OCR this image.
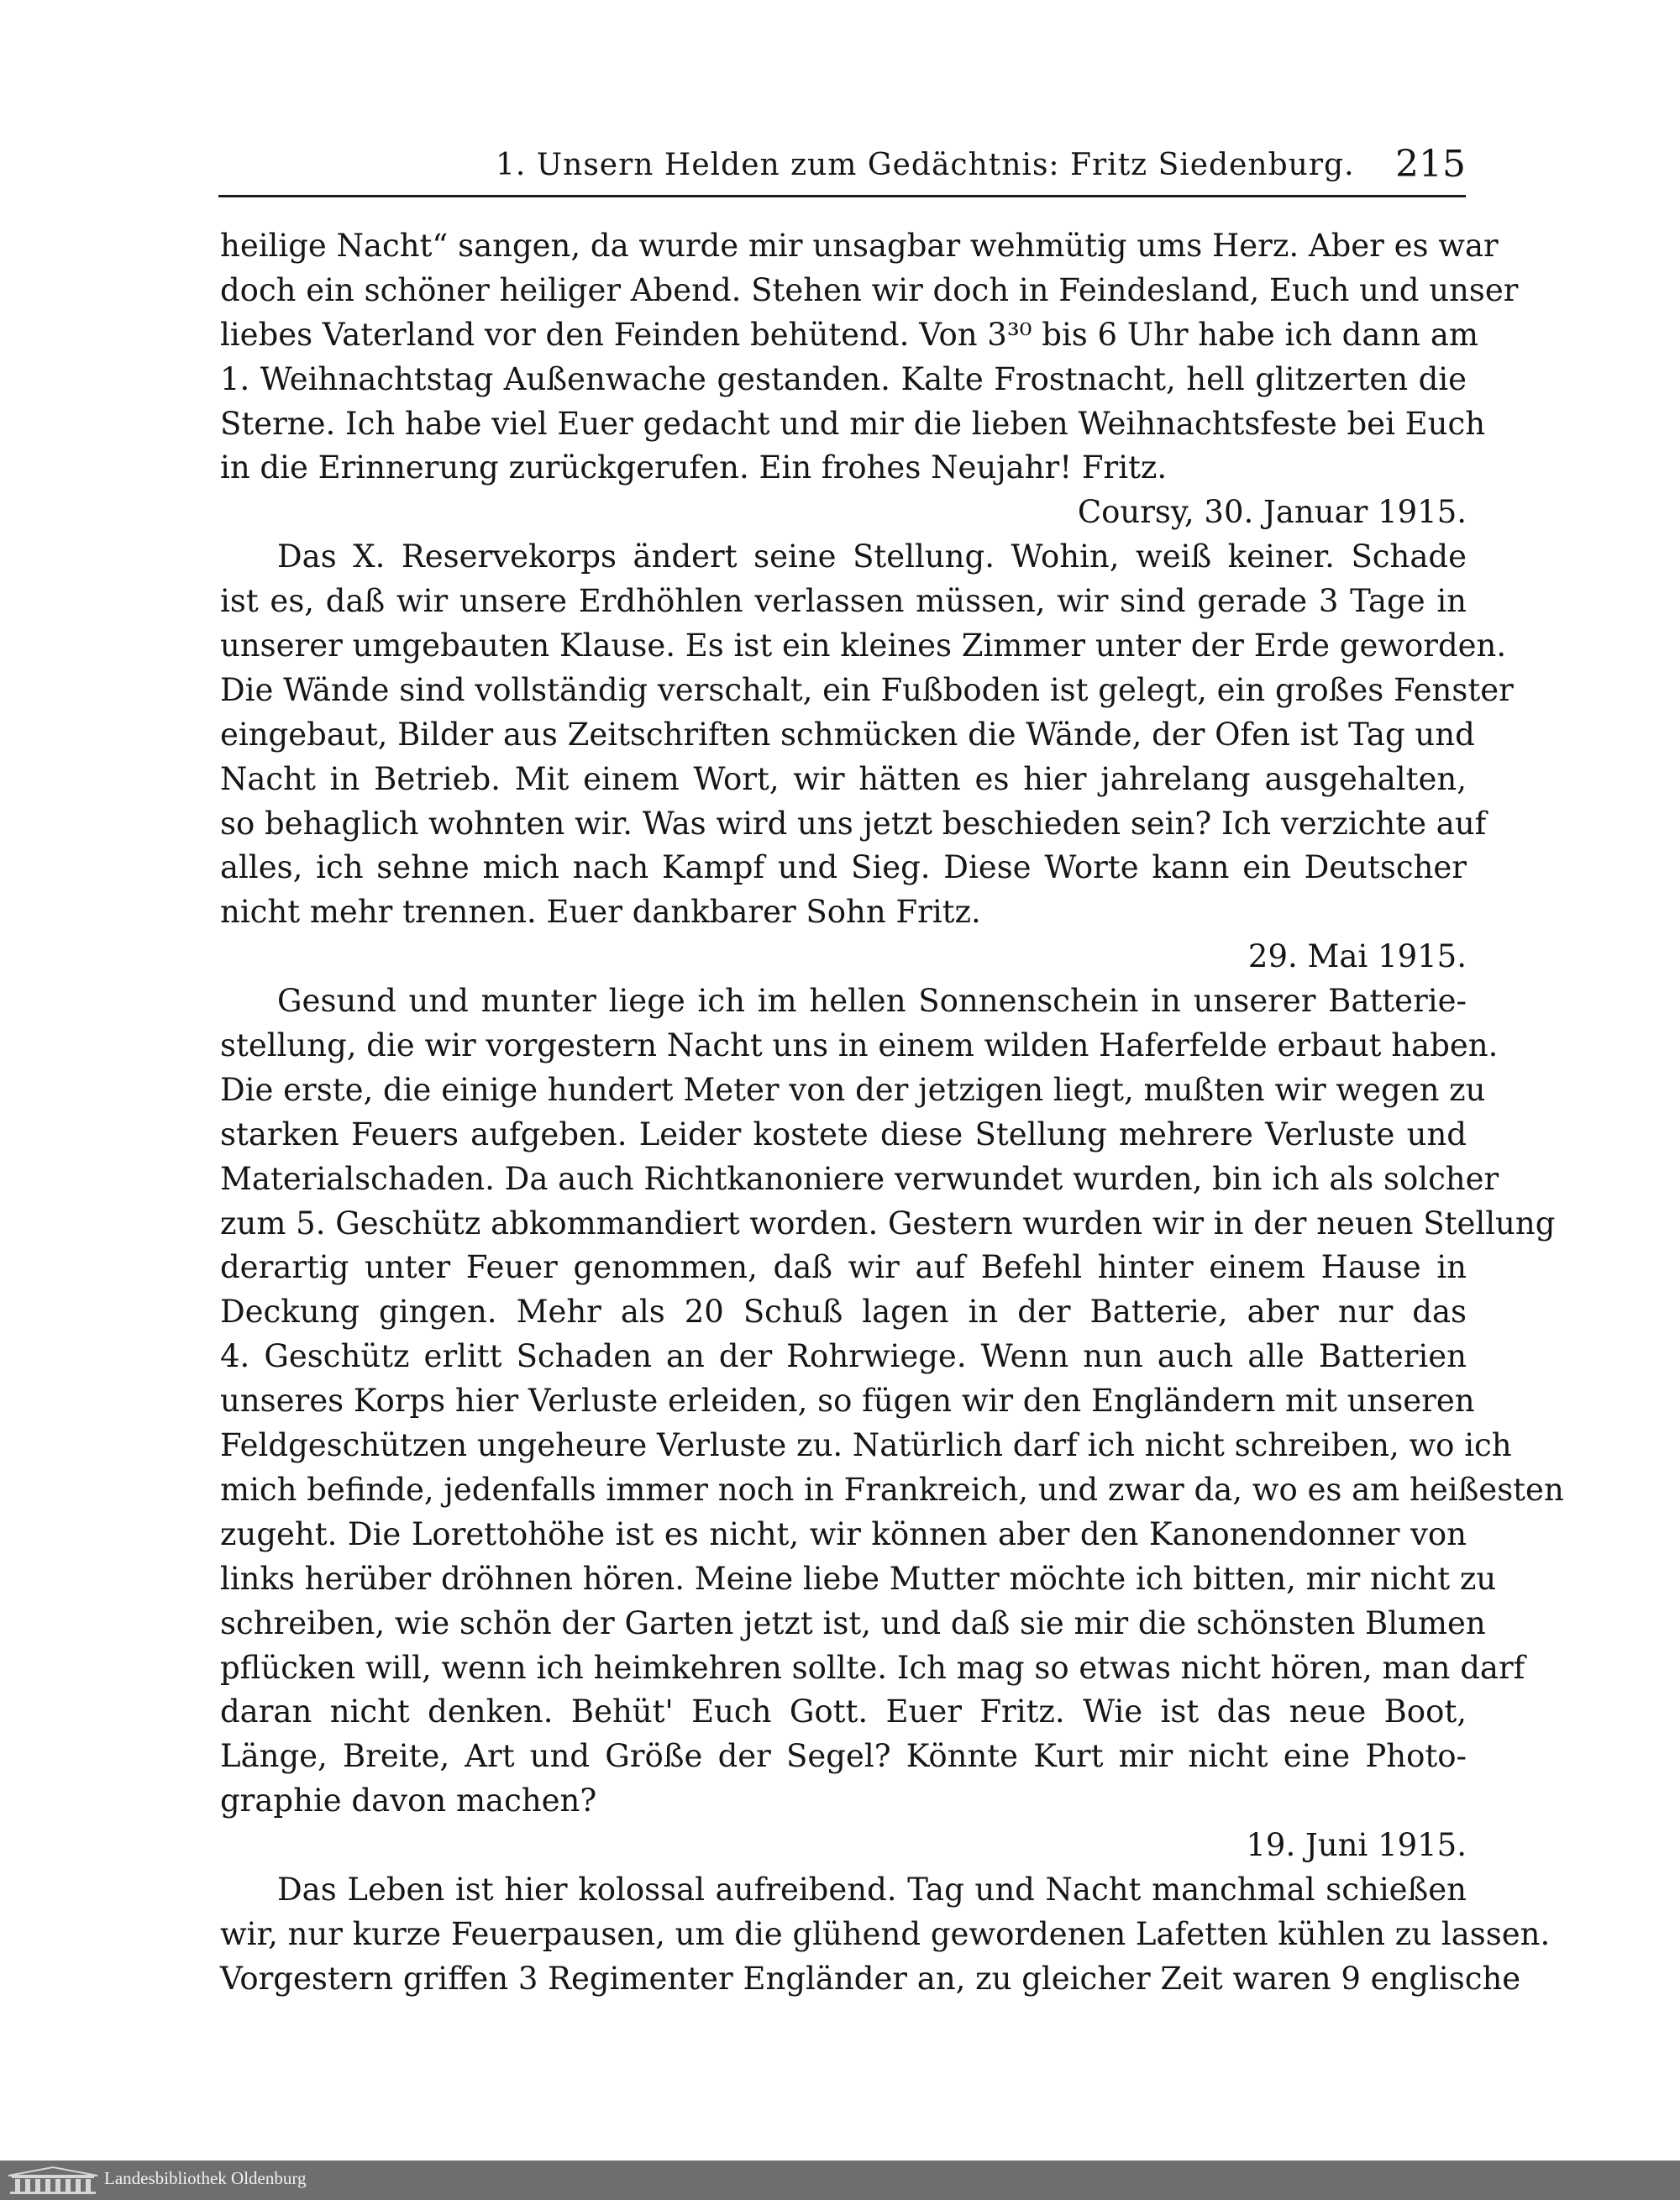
1. Unsern Helden zum Gedächtnis: Fritz Siedenburg. 215
heilige Nacht“ sangen, da wurde mir unsagbar wehmütig ums Herz. Aber es war
doch ein schöner heiliger Abend. Stehen wir doch in Feindesland, Euch und unser
liebes Vaterland vor den Feinden behütend. Von 3³⁰ bis 6 Uhr habe ich dann am
1. Weihnachtstag Außenwache gestanden. Kalte Frostnacht, hell glitzerten die
Sterne. Ich habe viel Euer gedacht und mir die lieben Weihnachtsfeste bei Euch
in die Erinnerung zurückgerufen. Ein frohes Neujahr! Fritz.
Coursy, 30. Januar 1915.
Das X. Reservekorps ändert seine Stellung. Wohin, weiß keiner. Schade
ist es, daß wir unsere Erdhöhlen verlassen müssen, wir sind gerade 3 Tage in
unserer umgebauten Klause. Es ist ein kleines Zimmer unter der Erde geworden.
Die Wände sind vollständig verschalt, ein Fußboden ist gelegt, ein großes Fenster
eingebaut, Bilder aus Zeitschriften schmücken die Wände, der Ofen ist Tag und
Nacht in Betrieb. Mit einem Wort, wir hätten es hier jahrelang ausgehalten,
so behaglich wohnten wir. Was wird uns jetzt beschieden sein? Ich verzichte auf
alles, ich sehne mich nach Kampf und Sieg. Diese Worte kann ein Deutscher
nicht mehr trennen. Euer dankbarer Sohn Fritz.
29. Mai 1915.
Gesund und munter liege ich im hellen Sonnenschein in unserer Batterie-
stellung, die wir vorgestern Nacht uns in einem wilden Haferfelde erbaut haben.
Die erste, die einige hundert Meter von der jetzigen liegt, mußten wir wegen zu
starken Feuers aufgeben. Leider kostete diese Stellung mehrere Verluste und
Materialschaden. Da auch Richtkanoniere verwundet wurden, bin ich als solcher
zum 5. Geschütz abkommandiert worden. Gestern wurden wir in der neuen Stellung
derartig unter Feuer genommen, daß wir auf Befehl hinter einem Hause in
Deckung gingen. Mehr als 20 Schuß lagen in der Batterie, aber nur das
4. Geschütz erlitt Schaden an der Rohrwiege. Wenn nun auch alle Batterien
unseres Korps hier Verluste erleiden, so fügen wir den Engländern mit unseren
Feldgeschützen ungeheure Verluste zu. Natürlich darf ich nicht schreiben, wo ich
mich befinde, jedenfalls immer noch in Frankreich, und zwar da, wo es am heißesten
zugeht. Die Lorettohöhe ist es nicht, wir können aber den Kanonendonner von
links herüber dröhnen hören. Meine liebe Mutter möchte ich bitten, mir nicht zu
schreiben, wie schön der Garten jetzt ist, und daß sie mir die schönsten Blumen
pflücken will, wenn ich heimkehren sollte. Ich mag so etwas nicht hören, man darf
daran nicht denken. Behüt' Euch Gott. Euer Fritz. Wie ist das neue Boot,
Länge, Breite, Art und Größe der Segel? Könnte Kurt mir nicht eine Photo-
graphie davon machen?
19. Juni 1915.
Das Leben ist hier kolossal aufreibend. Tag und Nacht manchmal schießen
wir, nur kurze Feuerpausen, um die glühend gewordenen Lafetten kühlen zu lassen.
Vorgestern griffen 3 Regimenter Engländer an, zu gleicher Zeit waren 9 englische
Landesbibliothek Oldenburg
